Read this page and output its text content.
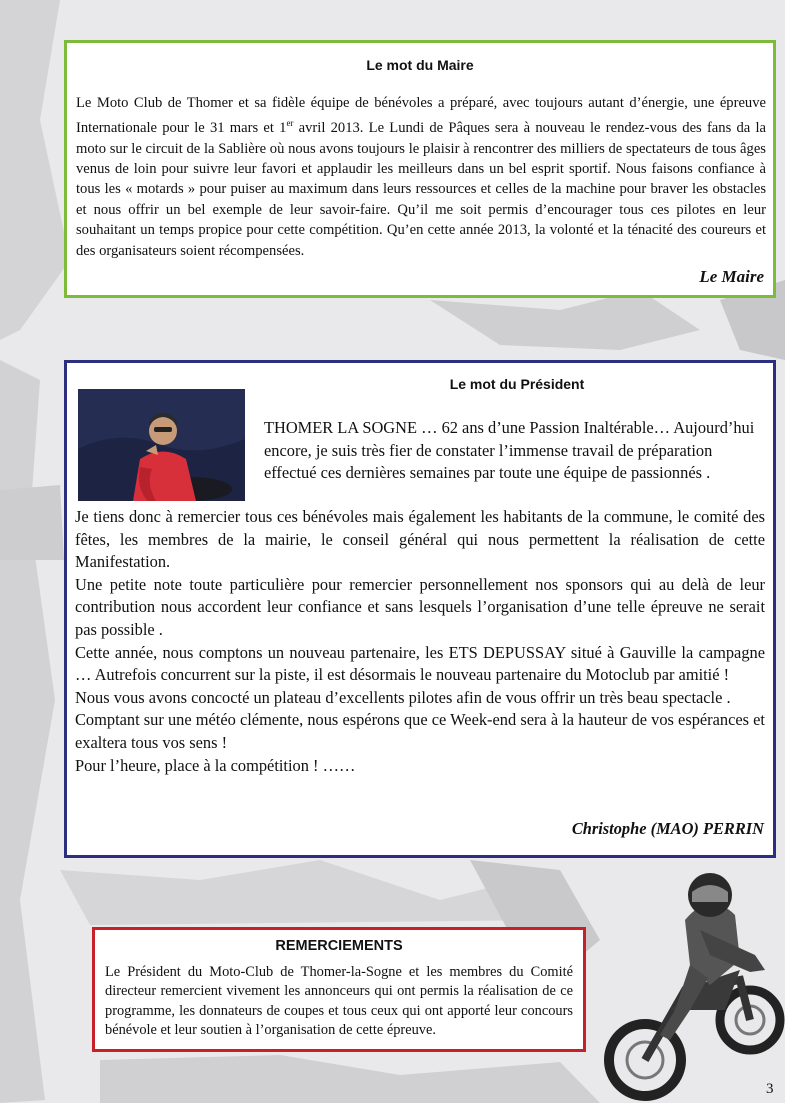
Le mot du Maire

Le Moto Club de Thomer et sa fidèle équipe de bénévoles a préparé, avec toujours autant d’énergie, une épreuve Internationale pour le 31 mars et 1er avril 2013. Le Lundi de Pâques sera à nouveau le rendez-vous des fans da la moto sur le circuit de la Sablière où nous avons toujours le plaisir à rencontrer des milliers de spectateurs de tous âges venus de loin pour suivre leur favori et applaudir les meilleurs dans un bel esprit sportif. Nous faisons confiance à tous les « motards » pour puiser au maximum dans leurs ressources et celles de la machine pour braver les obstacles et nous offrir un bel exemple de leur savoir-faire. Qu’il me soit permis d’encourager tous ces pilotes en leur souhaitant un temps propice pour cette compétition. Qu’en cette année 2013, la volonté et la ténacité des coureurs et des organisateurs soient récompensées.

Le Maire
Le mot du Président

THOMER LA SOGNE … 62 ans d’une Passion Inaltérable… Aujourd’hui encore, je suis très fier de constater l’immense travail de préparation effectué ces dernières semaines par toute une équipe de passionnés .

Je tiens donc à remercier tous ces bénévoles mais également les habitants de la commune, le comité des fêtes, les membres de la mairie, le conseil général qui nous permettent la réalisation de cette Manifestation.

Une petite note toute particulière pour remercier personnellement nos sponsors qui au delà de leur contribution nous accordent leur confiance et sans lesquels l’organisation d’une telle épreuve ne serait pas possible .

Cette année, nous comptons un nouveau partenaire, les ETS DEPUSSAY situé à Gauville la campagne … Autrefois concurrent sur la piste, il est désormais le nouveau partenaire du Motoclub par amitié !

Nous vous avons concocté un plateau d’excellents pilotes afin de vous offrir un très beau spectacle .

Comptant sur une météo clémente, nous espérons que ce Week-end sera à la hauteur de vos espérances et exaltera tous vos sens !

Pour l’heure, place à la compétition ! ……

Christophe (MAO) PERRIN
REMERCIEMENTS

Le Président du Moto-Club de Thomer-la-Sogne et les membres du Comité directeur remercient vivement les annonceurs qui ont permis la réalisation de ce programme, les donnateurs de coupes et tous ceux qui ont apporté leur concours bénévole et leur soutien à l’organisation de cette épreuve.

3
